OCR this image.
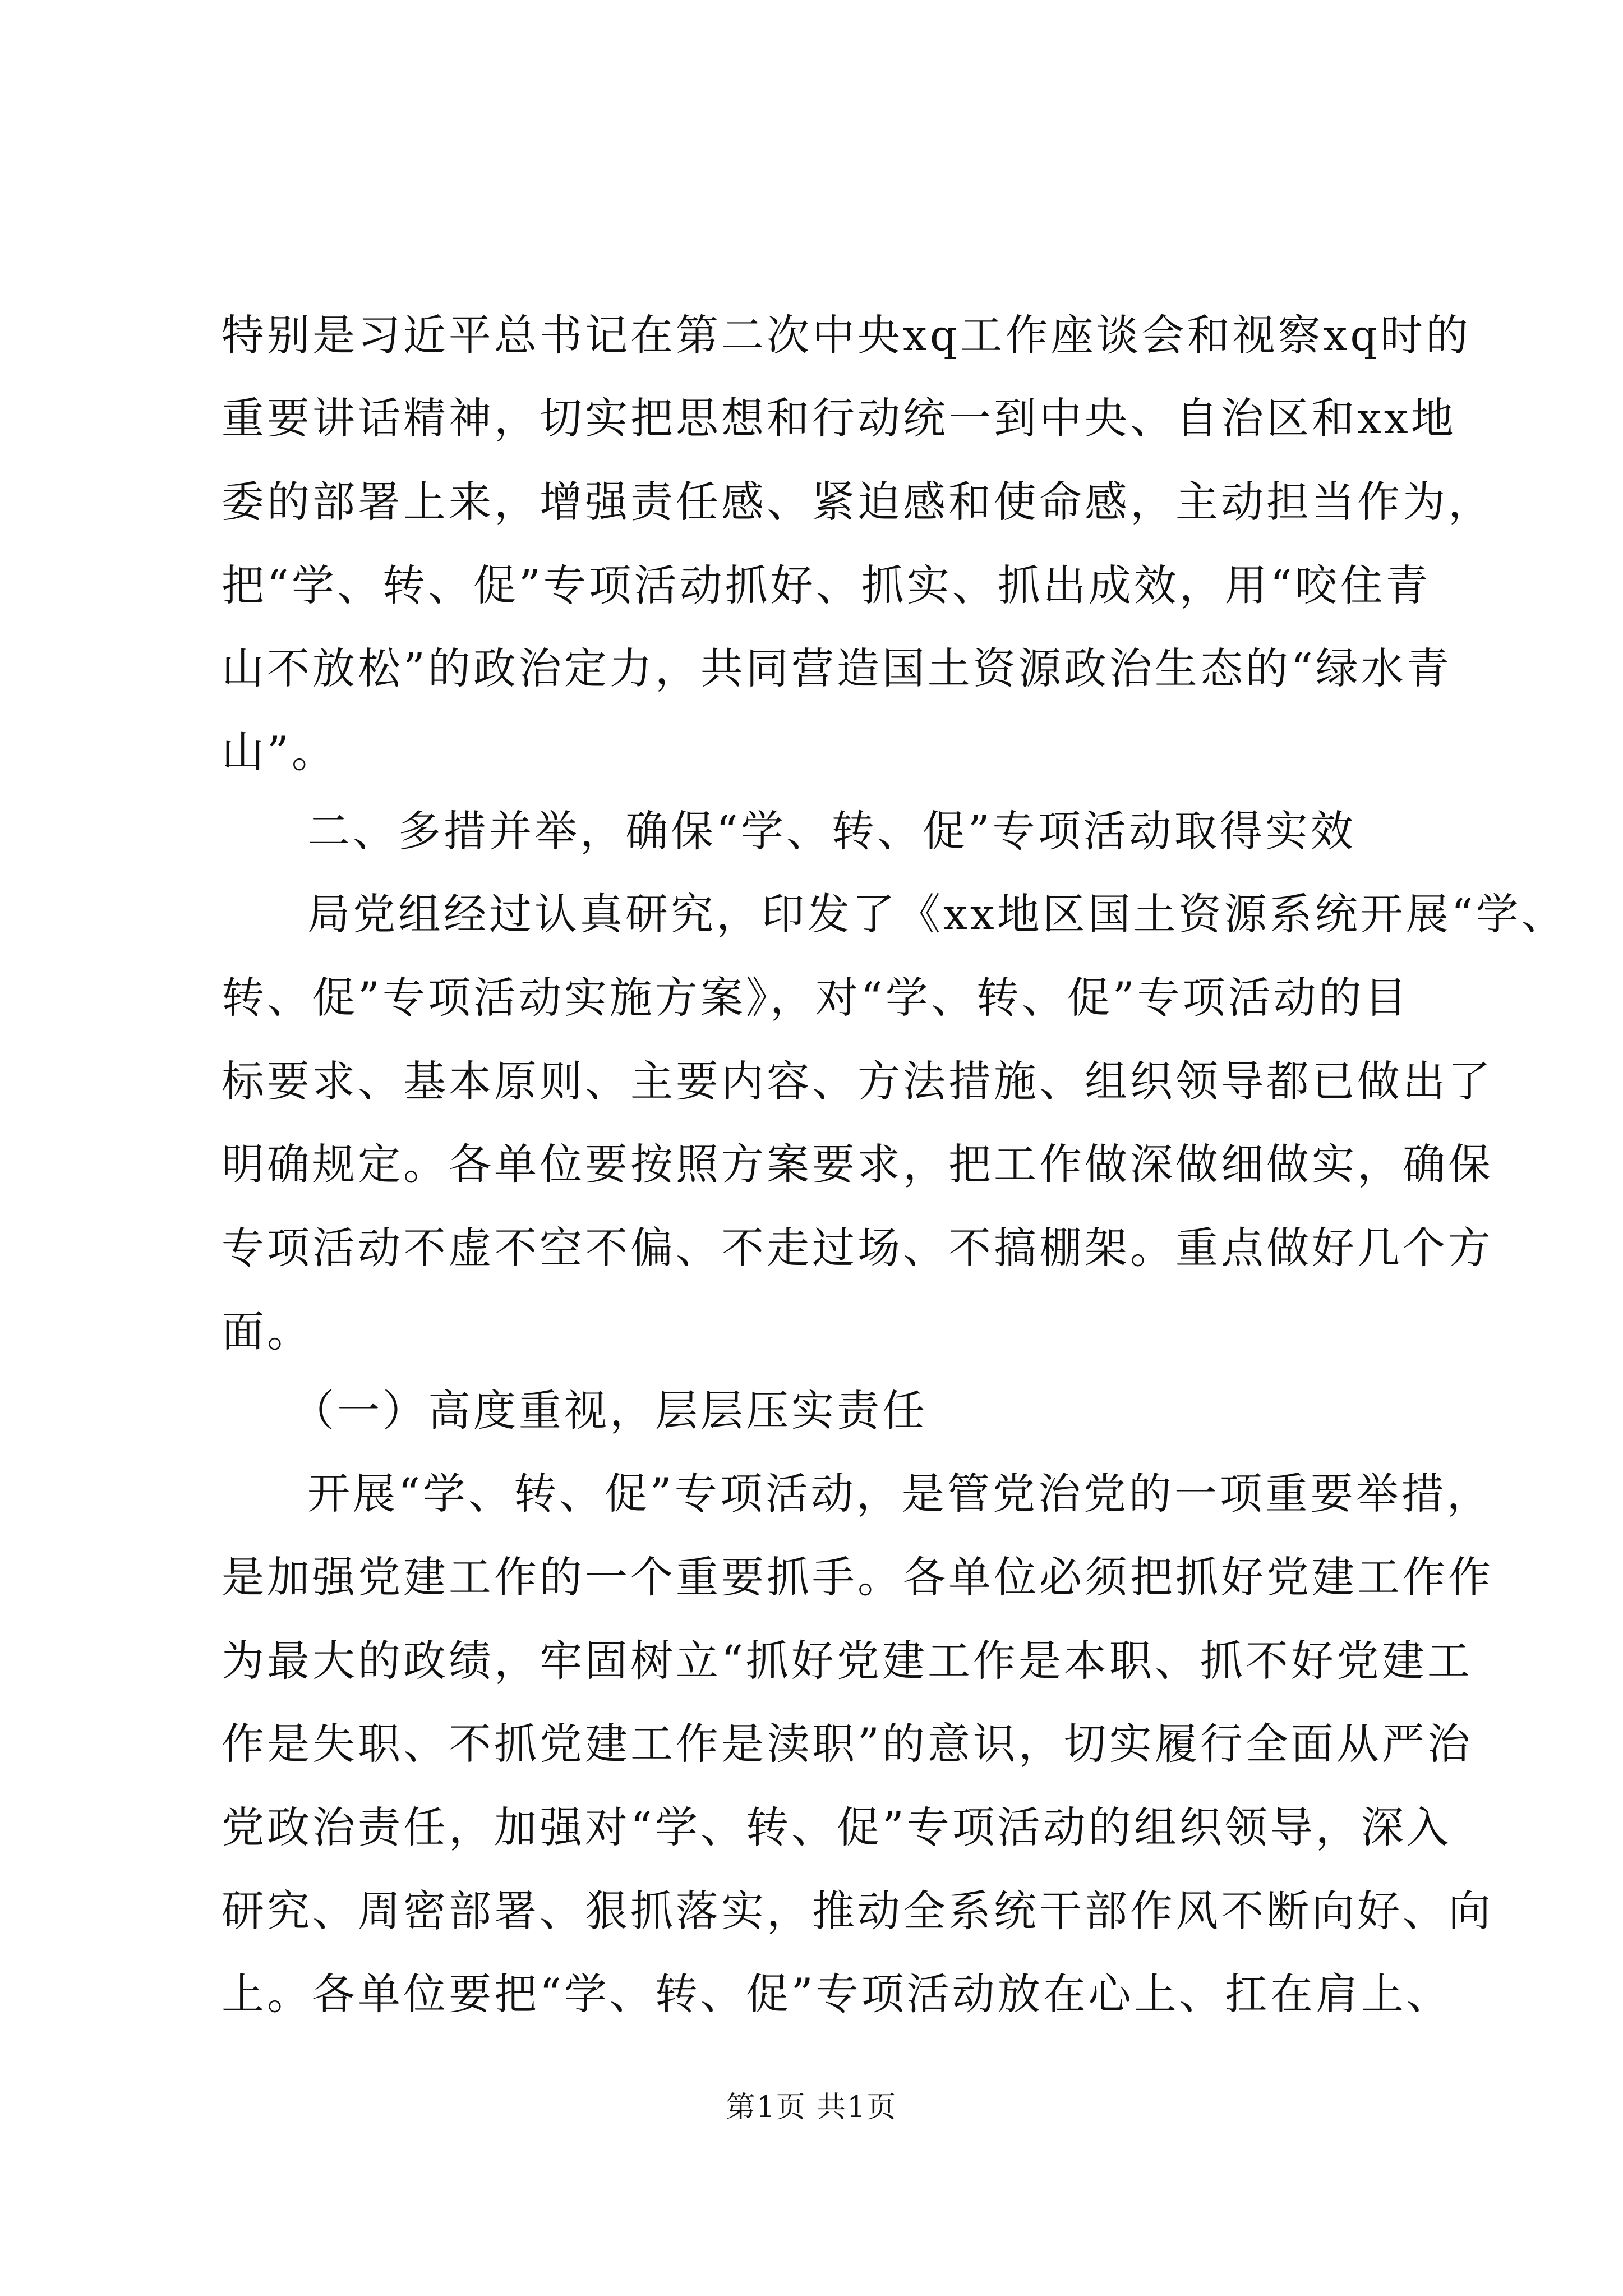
特别是习近平总书记在第二次中央xq工作座谈会和视察xq时的
重要讲话精神，切实把思想和行动统一到中央、自治区和xx地
委的部署上来，增强责任感、紧迫感和使命感，主动担当作为，
把“学、转、促”专项活动抓好、抓实、抓出成效，用“咬住青
山不放松”的政治定力，共同营造国土资源政治生态的“绿水青
山”。
二、多措并举，确保“学、转、促”专项活动取得实效
局党组经过认真研究，印发了《xx地区国土资源系统开展“学、
转、促”专项活动实施方案》，对“学、转、促”专项活动的目
标要求、基本原则、主要内容、方法措施、组织领导都已做出了
明确规定。各单位要按照方案要求，把工作做深做细做实，确保
专项活动不虚不空不偏、不走过场、不搞棚架。重点做好几个方
面。
（一）高度重视，层层压实责任
开展“学、转、促”专项活动，是管党治党的一项重要举措，
是加强党建工作的一个重要抓手。各单位必须把抓好党建工作作
为最大的政绩，牢固树立“抓好党建工作是本职、抓不好党建工
作是失职、不抓党建工作是渎职”的意识，切实履行全面从严治
党政治责任，加强对“学、转、促”专项活动的组织领导，深入
研究、周密部署、狠抓落实，推动全系统干部作风不断向好、向
上。各单位要把“学、转、促”专项活动放在心上、扛在肩上、
第1页 共1页
